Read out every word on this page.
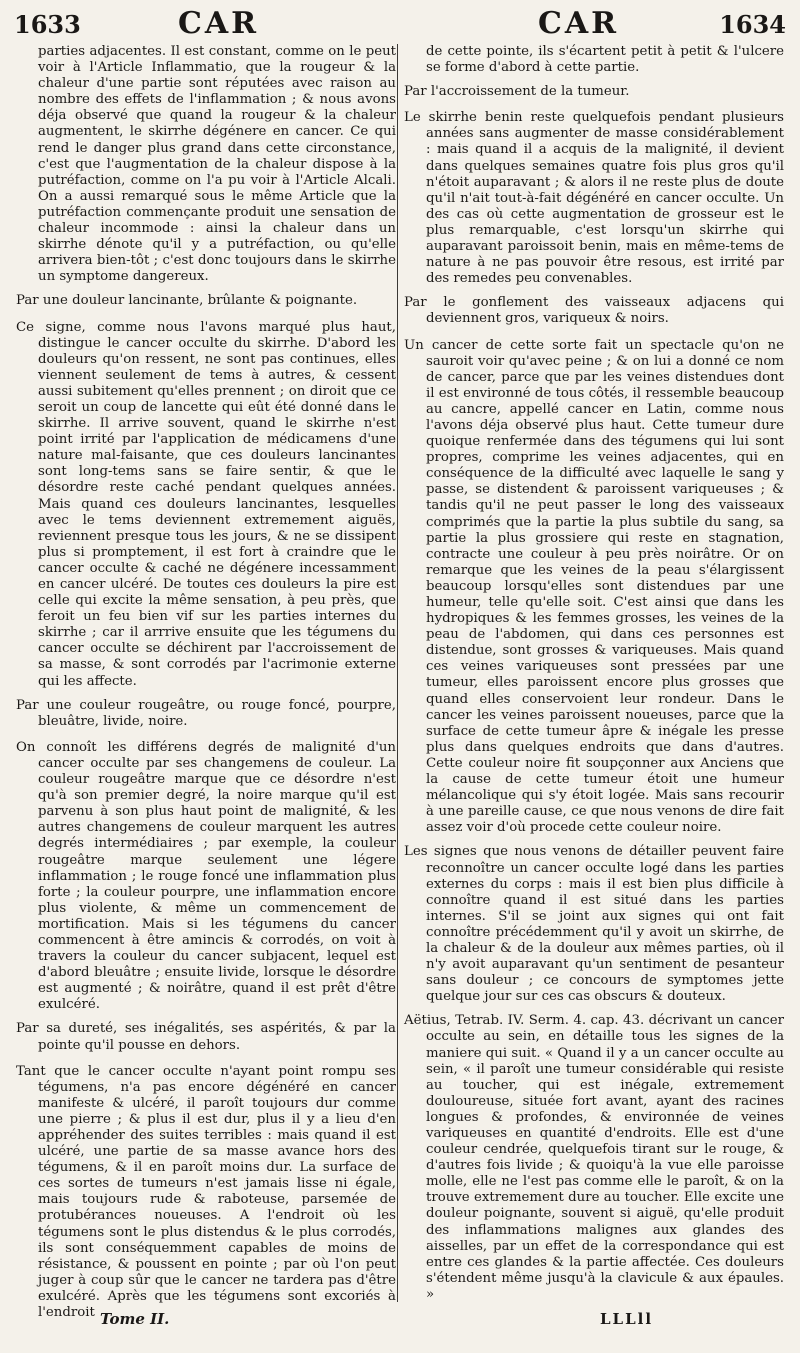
1633	CAR	CAR	1634

parties adjacentes. Il est constant, comme on le peut voir à l'Article Inflammatio, que la rougeur & la chaleur d'une partie sont réputées avec raison au nombre des effets de l'inflammation ; & nous avons déja observé que quand la rougeur & la chaleur augmentent, le skirrhe dégénere en cancer. Ce qui rend le danger plus grand dans cette circonstance, c'est que l'augmentation de la chaleur dispose à la putréfaction, comme on l'a pu voir à l'Article Alcali. On a aussi remarqué sous le même Article que la putréfaction commençante produit une sensation de chaleur incommode : ainsi la chaleur dans un skirrhe dénote qu'il y a putréfaction, ou qu'elle arrivera bien-tôt ; c'est donc toujours dans le skirrhe un symptome dangereux.

Par une douleur lancinante, brûlante & poignante.

Ce signe, comme nous l'avons marqué plus haut, distingue le cancer occulte du skirrhe. D'abord les douleurs qu'on ressent, ne sont pas continues, elles viennent seulement de tems à autres, & cessent aussi subitement qu'elles prennent ; on diroit que ce seroit un coup de lancette qui eût été donné dans le skirrhe. Il arrive souvent, quand le skirrhe n'est point irrité par l'application de médicamens d'une nature mal-faisante, que ces douleurs lancinantes sont long-tems sans se faire sentir, & que le désordre reste caché pendant quelques années. Mais quand ces douleurs lancinantes, lesquelles avec le tems deviennent extremement aiguës, reviennent presque tous les jours, & ne se dissipent plus si promptement, il est fort à craindre que le cancer occulte & caché ne dégénere incessamment en cancer ulcéré. De toutes ces douleurs la pire est celle qui excite la même sensation, à peu près, que feroit un feu bien vif sur les parties internes du skirrhe ; car il arrrive ensuite que les tégumens du cancer occulte se déchirent par l'accroissement de sa masse, & sont corrodés par l'acrimonie externe qui les affecte.

Par une couleur rougeâtre, ou rouge foncé, pourpre, bleuâtre, livide, noire.

On connoît les différens degrés de malignité d'un cancer occulte par ses changemens de couleur. La couleur rougeâtre marque que ce désordre n'est qu'à son premier degré, la noire marque qu'il est parvenu à son plus haut point de malignité, & les autres changemens de couleur marquent les autres degrés intermédiaires ; par exemple, la couleur rougeâtre marque seulement une légere inflammation ; le rouge foncé une inflammation plus forte ; la couleur pourpre, une inflammation encore plus violente, & même un commencement de mortification. Mais si les tégumens du cancer commencent à être amincis & corrodés, on voit à travers la couleur du cancer subjacent, lequel est d'abord bleuâtre ; ensuite livide, lorsque le désordre est augmenté ; & noirâtre, quand il est prêt d'être exulcéré.

Par sa dureté, ses inégalités, ses aspérités, & par la pointe qu'il pousse en dehors.

Tant que le cancer occulte n'ayant point rompu ses tégumens, n'a pas encore dégénéré en cancer manifeste & ulcéré, il paroît toujours dur comme une pierre ; & plus il est dur, plus il y a lieu d'en appréhender des suites terribles : mais quand il est ulcéré, une partie de sa masse avance hors des tégumens, & il en paroît moins dur. La surface de ces sortes de tumeurs n'est jamais lisse ni égale, mais toujours rude & raboteuse, parsemée de protubérances noueuses. A l'endroit où les tégumens sont le plus distendus & le plus corrodés, ils sont conséquemment capables de moins de résistance, & poussent en pointe ; par où l'on peut juger à coup sûr que le cancer ne tardera pas d'être exulcéré. Après que les tégumens sont excoriés à l'endroit

de cette pointe, ils s'écartent petit à petit & l'ulcere se forme d'abord à cette partie.

Par l'accroissement de la tumeur.

Le skirrhe benin reste quelquefois pendant plusieurs années sans augmenter de masse considérablement : mais quand il a acquis de la malignité, il devient dans quelques semaines quatre fois plus gros qu'il n'étoit auparavant ; & alors il ne reste plus de doute qu'il n'ait tout-à-fait dégénéré en cancer occulte. Un des cas où cette augmentation de grosseur est le plus remarquable, c'est lorsqu'un skirrhe qui auparavant paroissoit benin, mais en même-tems de nature à ne pas pouvoir être resous, est irrité par des remedes peu convenables.

Par le gonflement des vaisseaux adjacens qui deviennent gros, variqueux & noirs.

Un cancer de cette sorte fait un spectacle qu'on ne sauroit voir qu'avec peine ; & on lui a donné ce nom de cancer, parce que par les veines distendues dont il est environné de tous côtés, il ressemble beaucoup au cancre, appellé cancer en Latin, comme nous l'avons déja observé plus haut. Cette tumeur dure quoique renfermée dans des tégumens qui lui sont propres, comprime les veines adjacentes, qui en conséquence de la difficulté avec laquelle le sang y passe, se distendent & paroissent variqueuses ; & tandis qu'il ne peut passer le long des vaisseaux comprimés que la partie la plus subtile du sang, sa partie la plus grossiere qui reste en stagnation, contracte une couleur à peu près noirâtre. Or on remarque que les veines de la peau s'élargissent beaucoup lorsqu'elles sont distendues par une humeur, telle qu'elle soit. C'est ainsi que dans les hydropiques & les femmes grosses, les veines de la peau de l'abdomen, qui dans ces personnes est distendue, sont grosses & variqueuses. Mais quand ces veines variqueuses sont pressées par une tumeur, elles paroissent encore plus grosses que quand elles conservoient leur rondeur. Dans le cancer les veines paroissent noueuses, parce que la surface de cette tumeur âpre & inégale les presse plus dans quelques endroits que dans d'autres. Cette couleur noire fit soupçonner aux Anciens que la cause de cette tumeur étoit une humeur mélancolique qui s'y étoit logée. Mais sans recourir à une pareille cause, ce que nous venons de dire fait assez voir d'où procede cette couleur noire.

Les signes que nous venons de détailler peuvent faire reconnoître un cancer occulte logé dans les parties externes du corps : mais il est bien plus difficile à connoître quand il est situé dans les parties internes. S'il se joint aux signes qui ont fait connoître précédemment qu'il y avoit un skirrhe, de la chaleur & de la douleur aux mêmes parties, où il n'y avoit auparavant qu'un sentiment de pesanteur sans douleur ; ce concours de symptomes jette quelque jour sur ces cas obscurs & douteux.

Aëtius, Tetrab. IV. Serm. 4. cap. 43. décrivant un cancer occulte au sein, en détaille tous les signes de la maniere qui suit. « Quand il y a un cancer occulte au sein, « il paroît une tumeur considérable qui resiste au toucher, qui est inégale, extremement douloureuse, située fort avant, ayant des racines longues & profondes, & environnée de veines variqueuses en quantité d'endroits. Elle est d'une couleur cendrée, quelquefois tirant sur le rouge, & d'autres fois livide ; & quoiqu'à la vue elle paroisse molle, elle ne l'est pas comme elle le paroît, & on la trouve extremement dure au toucher. Elle excite une douleur poignante, souvent si aiguë, qu'elle produit des inflammations malignes aux glandes des aisselles, par un effet de la correspondance qui est entre ces glandes & la partie affectée. Ces douleurs s'étendent même jusqu'à la clavicule & aux épaules. »

Tome II.	LLLll
